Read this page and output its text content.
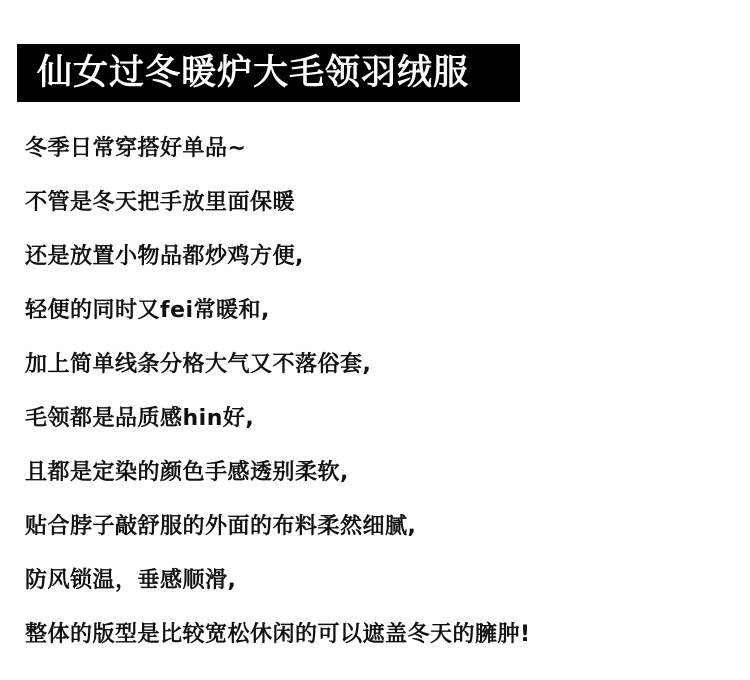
仙女过冬暖炉大毛领羽绒服
冬季日常穿搭好单品~
不管是冬天把手放里面保暖
还是放置小物品都炒鸡方便,
轻便的同时又fei常暖和,
加上简单线条分格大气又不落俗套,
毛领都是品质感hin好,
且都是定染的颜色手感透别柔软,
贴合脖子敲舒服的外面的布料柔然细腻,
防风锁温，垂感顺滑,
整体的版型是比较宽松休闲的可以遮盖冬天的臃肿!
